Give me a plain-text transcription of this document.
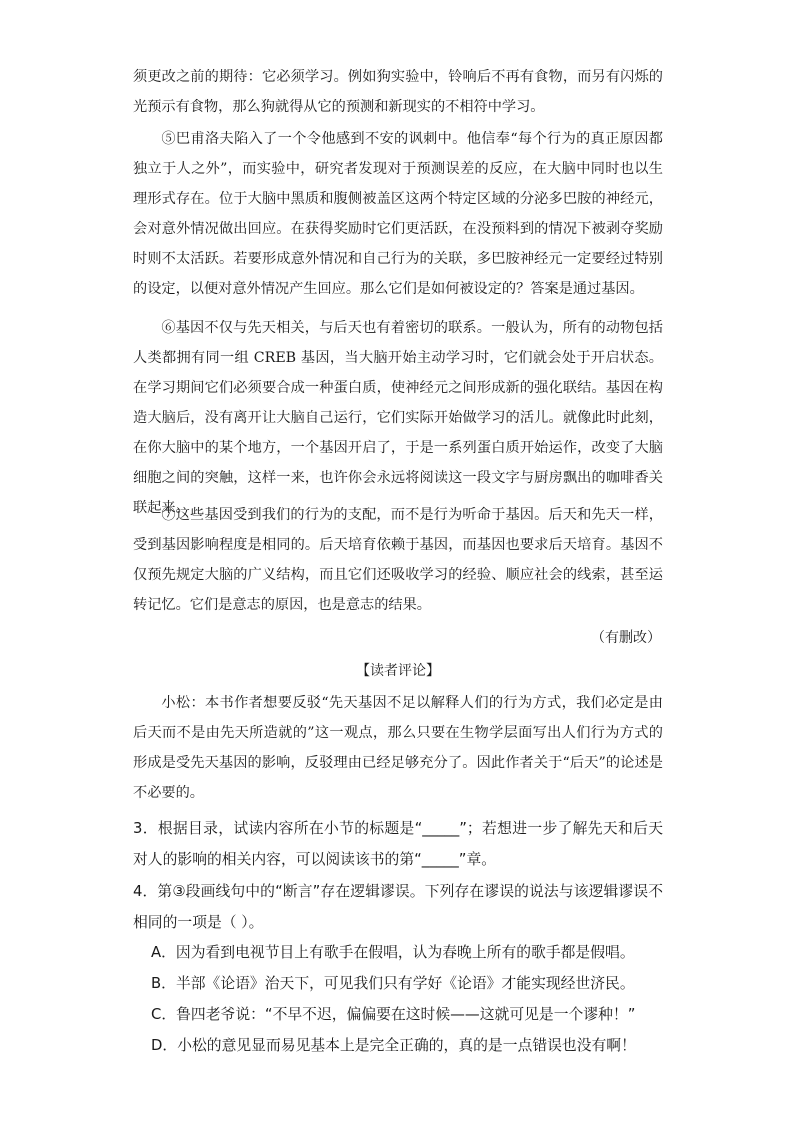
须更改之前的期待：它必须学习。例如狗实验中，铃响后不再有食物，而另有闪烁的光预示有食物，那么狗就得从它的预测和新现实的不相符中学习。

⑤巴甫洛夫陷入了一个令他感到不安的讽刺中。他信奉“每个行为的真正原因都独立于人之外”，而实验中，研究者发现对于预测误差的反应，在大脑中同时也以生理形式存在。位于大脑中黑质和腹侧被盖区这两个特定区域的分泌多巴胺的神经元，会对意外情况做出回应。在获得奖励时它们更活跃，在没预料到的情况下被剥夺奖励时则不太活跃。若要形成意外情况和自己行为的关联，多巴胺神经元一定要经过特别的设定，以便对意外情况产生回应。那么它们是如何被设定的？答案是通过基因。

⑥基因不仅与先天相关，与后天也有着密切的联系。一般认为，所有的动物包括人类都拥有同一组 CREB 基因，当大脑开始主动学习时，它们就会处于开启状态。在学习期间它们必须要合成一种蛋白质，使神经元之间形成新的强化联结。基因在构造大脑后，没有离开让大脑自己运行，它们实际开始做学习的活儿。就像此时此刻，在你大脑中的某个地方，一个基因开启了，于是一系列蛋白质开始运作，改变了大脑细胞之间的突触，这样一来，也许你会永远将阅读这一段文字与厨房飘出的咖啡香关联起来。

⑦这些基因受到我们的行为的支配，而不是行为听命于基因。后天和先天一样，受到基因影响程度是相同的。后天培育依赖于基因，而基因也要求后天培育。基因不仅预先规定大脑的广义结构，而且它们还吸收学习的经验、顺应社会的线索，甚至运转记忆。它们是意志的原因，也是意志的结果。

（有删改）
【读者评论】

小松：本书作者想要反驳“先天基因不足以解释人们的行为方式，我们必定是由后天而不是由先天所造就的”这一观点，那么只要在生物学层面写出人们行为方式的形成是受先天基因的影响，反驳理由已经足够充分了。因此作者关于“后天”的论述是不必要的。

3．根据目录，试读内容所在小节的标题是“_____”；若想进一步了解先天和后天对人的影响的相关内容，可以阅读该书的第“_____”章。

4．第③段画线句中的“断言”存在逻辑谬误。下列存在谬误的说法与该逻辑谬误不相同的一项是（ ）。

A．因为看到电视节目上有歌手在假唱，认为春晚上所有的歌手都是假唱。

B．半部《论语》治天下，可见我们只有学好《论语》才能实现经世济民。

C．鲁四老爷说：“不早不迟，偏偏要在这时候——这就可见是一个谬种！”

D．小松的意见显而易见基本上是完全正确的，真的是一点错误也没有啊！
